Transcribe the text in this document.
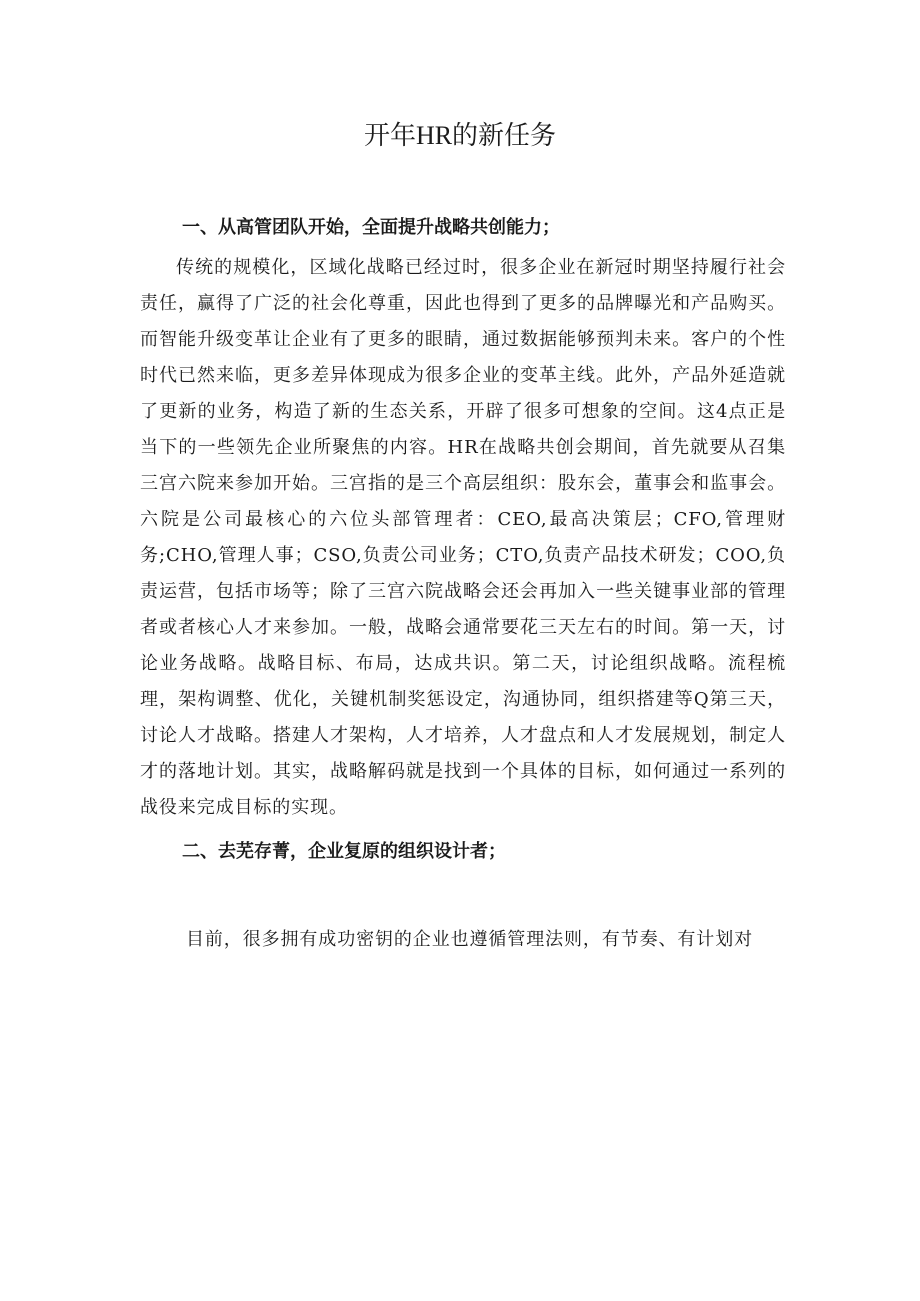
开年HR的新任务
一、从高管团队开始，全面提升战略共创能力；

传统的规模化，区域化战略已经过时，很多企业在新冠时期坚持履行社会责任，赢得了广泛的社会化尊重，因此也得到了更多的品牌曝光和产品购买。而智能升级变革让企业有了更多的眼睛，通过数据能够预判未来。客户的个性时代已然来临，更多差异体现成为很多企业的变革主线。此外，产品外延造就了更新的业务，构造了新的生态关系，开辟了很多可想象的空间。这4点正是当下的一些领先企业所聚焦的内容。HR在战略共创会期间，首先就要从召集三宫六院来参加开始。三宫指的是三个高层组织：股东会，董事会和监事会。六院是公司最核心的六位头部管理者：CEO,最高决策层；CFO,管理财务;CHO,管理人事；CSO,负责公司业务；CTO,负责产品技术研发；COO,负责运营，包括市场等；除了三宫六院战略会还会再加入一些关键事业部的管理者或者核心人才来参加。一般，战略会通常要花三天左右的时间。第一天，讨论业务战略。战略目标、布局，达成共识。第二天，讨论组织战略。流程梳理，架构调整、优化，关键机制奖惩设定，沟通协同，组织搭建等Q第三天，讨论人才战略。搭建人才架构，人才培养，人才盘点和人才发展规划，制定人才的落地计划。其实，战略解码就是找到一个具体的目标，如何通过一系列的战役来完成目标的实现。

二、去芜存菁，企业复原的组织设计者；

目前，很多拥有成功密钥的企业也遵循管理法则，有节奏、有计划对
